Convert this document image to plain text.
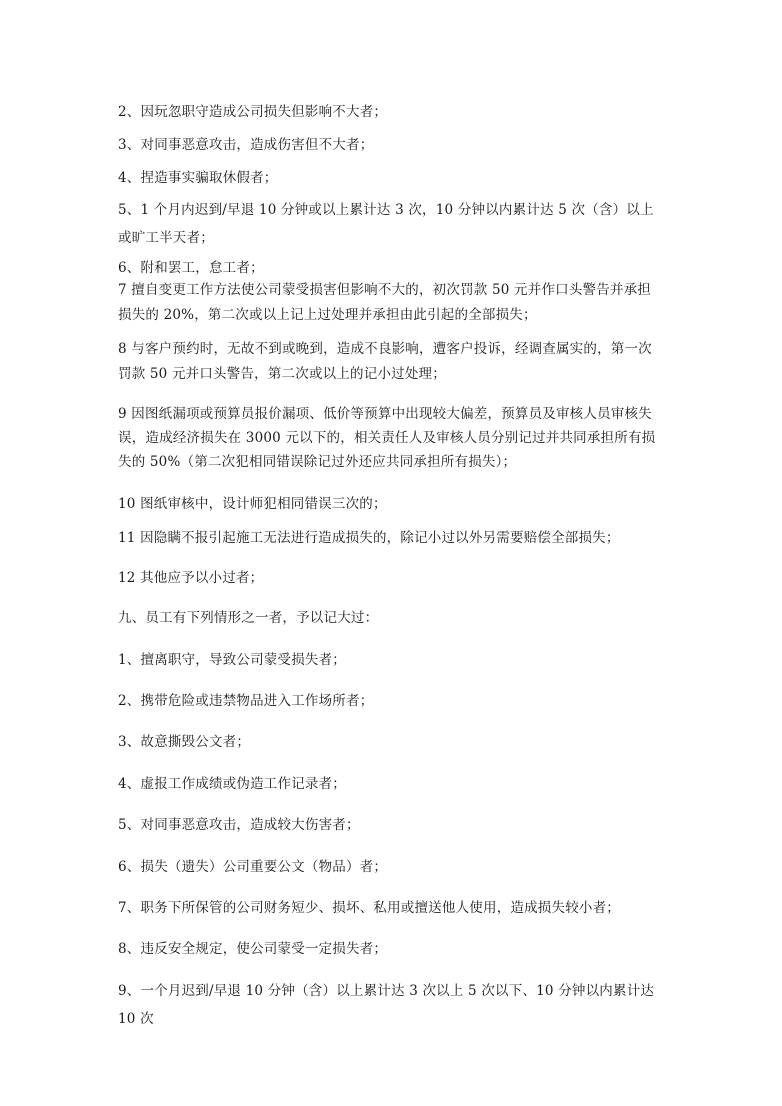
2、因玩忽职守造成公司损失但影响不大者；
3、对同事恶意攻击，造成伤害但不大者；
4、捏造事实骗取休假者；
5、1 个月内迟到/早退 10 分钟或以上累计达 3 次，10 分钟以内累计达 5 次（含）以上或旷工半天者；
6、附和罢工，怠工者；
7 擅自变更工作方法使公司蒙受损害但影响不大的，初次罚款 50 元并作口头警告并承担损失的 20%，第二次或以上记上过处理并承担由此引起的全部损失；
8 与客户预约时，无故不到或晚到，造成不良影响，遭客户投诉，经调查属实的，第一次罚款 50 元并口头警告，第二次或以上的记小过处理；
9 因图纸漏项或预算员报价漏项、低价等预算中出现较大偏差，预算员及审核人员审核失误，造成经济损失在 3000 元以下的，相关责任人及审核人员分别记过并共同承担所有损失的 50%（第二次犯相同错误除记过外还应共同承担所有损失）；
10 图纸审核中，设计师犯相同错误三次的；
11 因隐瞒不报引起施工无法进行造成损失的，除记小过以外另需要赔偿全部损失；
12 其他应予以小过者；
九、员工有下列情形之一者，予以记大过：
1、擅离职守，导致公司蒙受损失者；
2、携带危险或违禁物品进入工作场所者；
3、故意撕毁公文者；
4、虚报工作成绩或伪造工作记录者；
5、对同事恶意攻击，造成较大伤害者；
6、损失（遗失）公司重要公文（物品）者；
7、职务下所保管的公司财务短少、损坏、私用或擅送他人使用，造成损失较小者；
8、违反安全规定，使公司蒙受一定损失者；
9、一个月迟到/早退 10 分钟（含）以上累计达 3 次以上 5 次以下、10 分钟以内累计达 10 次
